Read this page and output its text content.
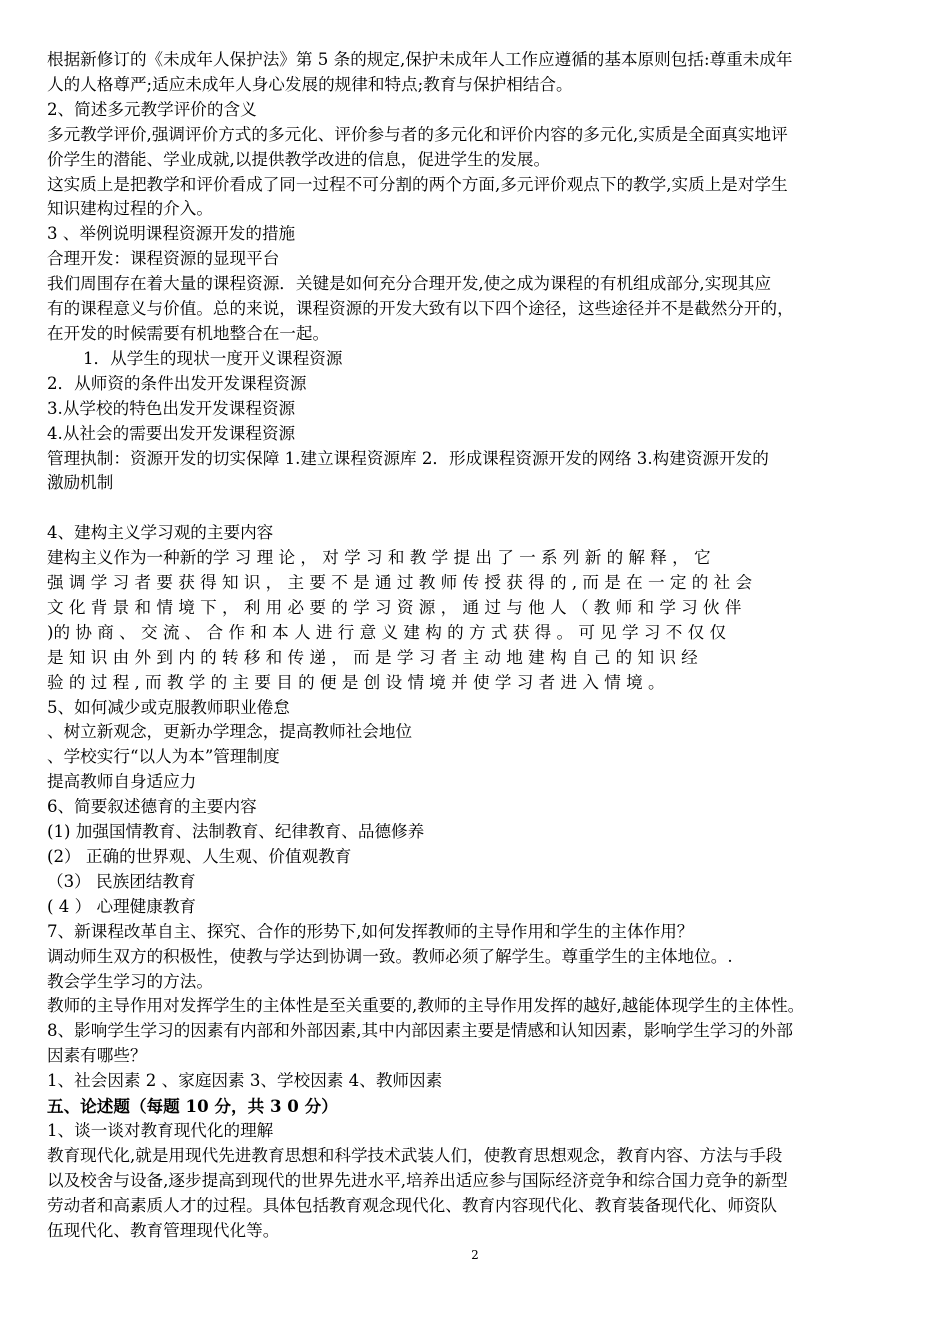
根据新修订的《未成年人保护法》第 5 条的规定,保护未成年人工作应遵循的基本原则包括:尊重未成年

人的人格尊严;适应未成年人身心发展的规律和特点;教育与保护相结合。

2、简述多元教学评价的含义

多元教学评价,强调评价方式的多元化、评价参与者的多元化和评价内容的多元化,实质是全面真实地评

价学生的潜能、学业成就,以提供教学改进的信息，促进学生的发展。

这实质上是把教学和评价看成了同一过程不可分割的两个方面,多元评价观点下的教学,实质上是对学生

知识建构过程的介入。

3 、举例说明课程资源开发的措施

合理开发：课程资源的显现平台

我们周围存在着大量的课程资源．关键是如何充分合理开发,使之成为课程的有机组成部分,实现其应

有的课程意义与价值。总的来说，课程资源的开发大致有以下四个途径，这些途径并不是截然分开的，

在开发的时候需要有机地整合在一起。

1．从学生的现状一度开义课程资源

2．从师资的条件出发开发课程资源

3.从学校的特色出发开发课程资源

4.从社会的需要出发开发课程资源

管理执制：资源开发的切实保障 1.建立课程资源库 2．形成课程资源开发的网络 3.构建资源开发的

激励机制

4、建构主义学习观的主要内容

建构主义作为一种新的学 习 理 论 ， 对 学 习 和 教 学 提 出 了 一 系 列 新 的 解 释 ， 它

强 调 学 习 者 要 获 得 知 识 ， 主 要 不 是 通 过 教 师 传 授 获 得 的 , 而 是 在 一 定 的 社 会

文 化 背 景 和 情 境 下 ， 利 用 必 要 的 学 习 资 源 ， 通 过 与 他 人 （ 教 师 和 学 习 伙 伴

)的 协 商 、 交 流 、 合 作 和 本 人 进 行 意 义 建 构 的 方 式 获 得 。 可 见 学 习 不 仅 仅

是 知 识 由 外 到 内 的 转 移 和 传 递 ， 而 是 学 习 者 主 动 地 建 构 自 己 的 知 识 经

验 的 过 程 , 而 教 学 的 主 要 目 的 便 是 创 设 情 境 并 使 学 习 者 进 入 情 境 。

5、如何减少或克服教师职业倦怠

、树立新观念，更新办学理念，提高教师社会地位

、学校实行“以人为本”管理制度

提高教师自身适应力

6、简要叙述德育的主要内容

(1) 加强国情教育、法制教育、纪律教育、品德修养

(2） 正确的世界观、人生观、价值观教育

（3） 民族团结教育

( 4 ） 心理健康教育

7、新课程改革自主、探究、合作的形势下,如何发挥教师的主导作用和学生的主体作用？

调动师生双方的积极性，使教与学达到协调一致。教师必须了解学生。尊重学生的主体地位。.

教会学生学习的方法。

教师的主导作用对发挥学生的主体性是至关重要的,教师的主导作用发挥的越好,越能体现学生的主体性。

8、影响学生学习的因素有内部和外部因素,其中内部因素主要是情感和认知因素，影响学生学习的外部

因素有哪些？

1、社会因素 2 、家庭因素 3、学校因素 4、教师因素

五、论述题（每题 10 分，共 3 0 分）

1、谈一谈对教育现代化的理解

教育现代化,就是用现代先进教育思想和科学技术武装人们，使教育思想观念，教育内容、方法与手段

以及校舍与设备,逐步提高到现代的世界先进水平,培养出适应参与国际经济竞争和综合国力竞争的新型

劳动者和高素质人才的过程。具体包括教育观念现代化、教育内容现代化、教育装备现代化、师资队

伍现代化、教育管理现代化等。

2
